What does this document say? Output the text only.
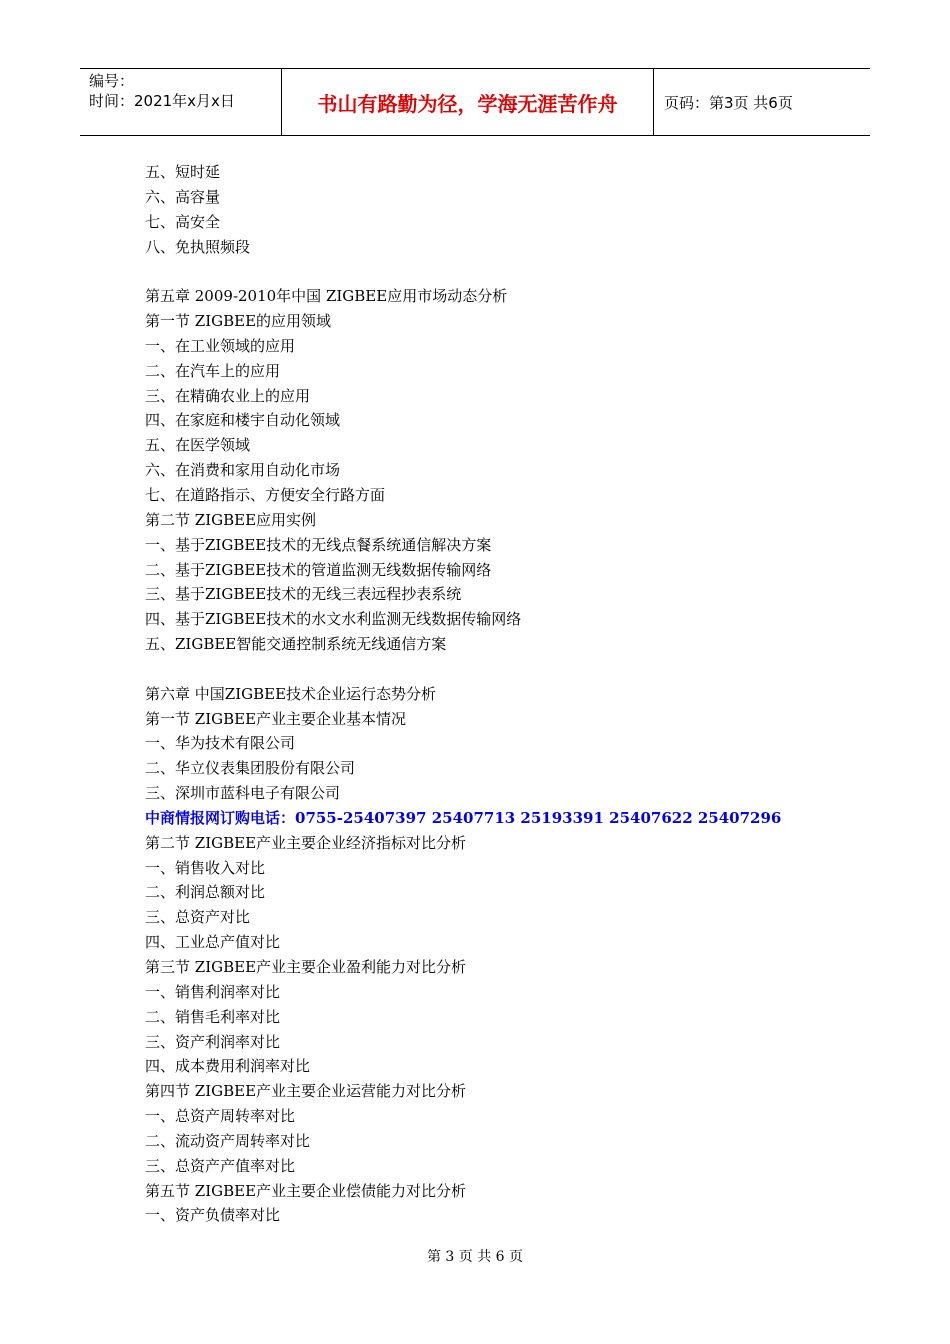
编号：
时间：2021年x月x日	书山有路勤为径，学海无涯苦作舟	页码：第3页 共6页
五、短时延
六、高容量
七、高安全
八、免执照频段
第五章 2009-2010年中国 ZIGBEE应用市场动态分析
第一节 ZIGBEE的应用领域
一、在工业领域的应用
二、在汽车上的应用
三、在精确农业上的应用
四、在家庭和楼宇自动化领域
五、在医学领域
六、在消费和家用自动化市场
七、在道路指示、方便安全行路方面
第二节 ZIGBEE应用实例
一、基于ZIGBEE技术的无线点餐系统通信解决方案
二、基于ZIGBEE技术的管道监测无线数据传输网络
三、基于ZIGBEE技术的无线三表远程抄表系统
四、基于ZIGBEE技术的水文水利监测无线数据传输网络
五、ZIGBEE智能交通控制系统无线通信方案
第六章 中国ZIGBEE技术企业运行态势分析
第一节 ZIGBEE产业主要企业基本情况
一、华为技术有限公司
二、华立仪表集团股份有限公司
三、深圳市蓝科电子有限公司
中商情报网订购电话：0755-25407397 25407713 25193391 25407622 25407296
第二节 ZIGBEE产业主要企业经济指标对比分析
一、销售收入对比
二、利润总额对比
三、总资产对比
四、工业总产值对比
第三节 ZIGBEE产业主要企业盈利能力对比分析
一、销售利润率对比
二、销售毛利率对比
三、资产利润率对比
四、成本费用利润率对比
第四节 ZIGBEE产业主要企业运营能力对比分析
一、总资产周转率对比
二、流动资产周转率对比
三、总资产产值率对比
第五节 ZIGBEE产业主要企业偿债能力对比分析
一、资产负债率对比
第 3 页 共 6 页
